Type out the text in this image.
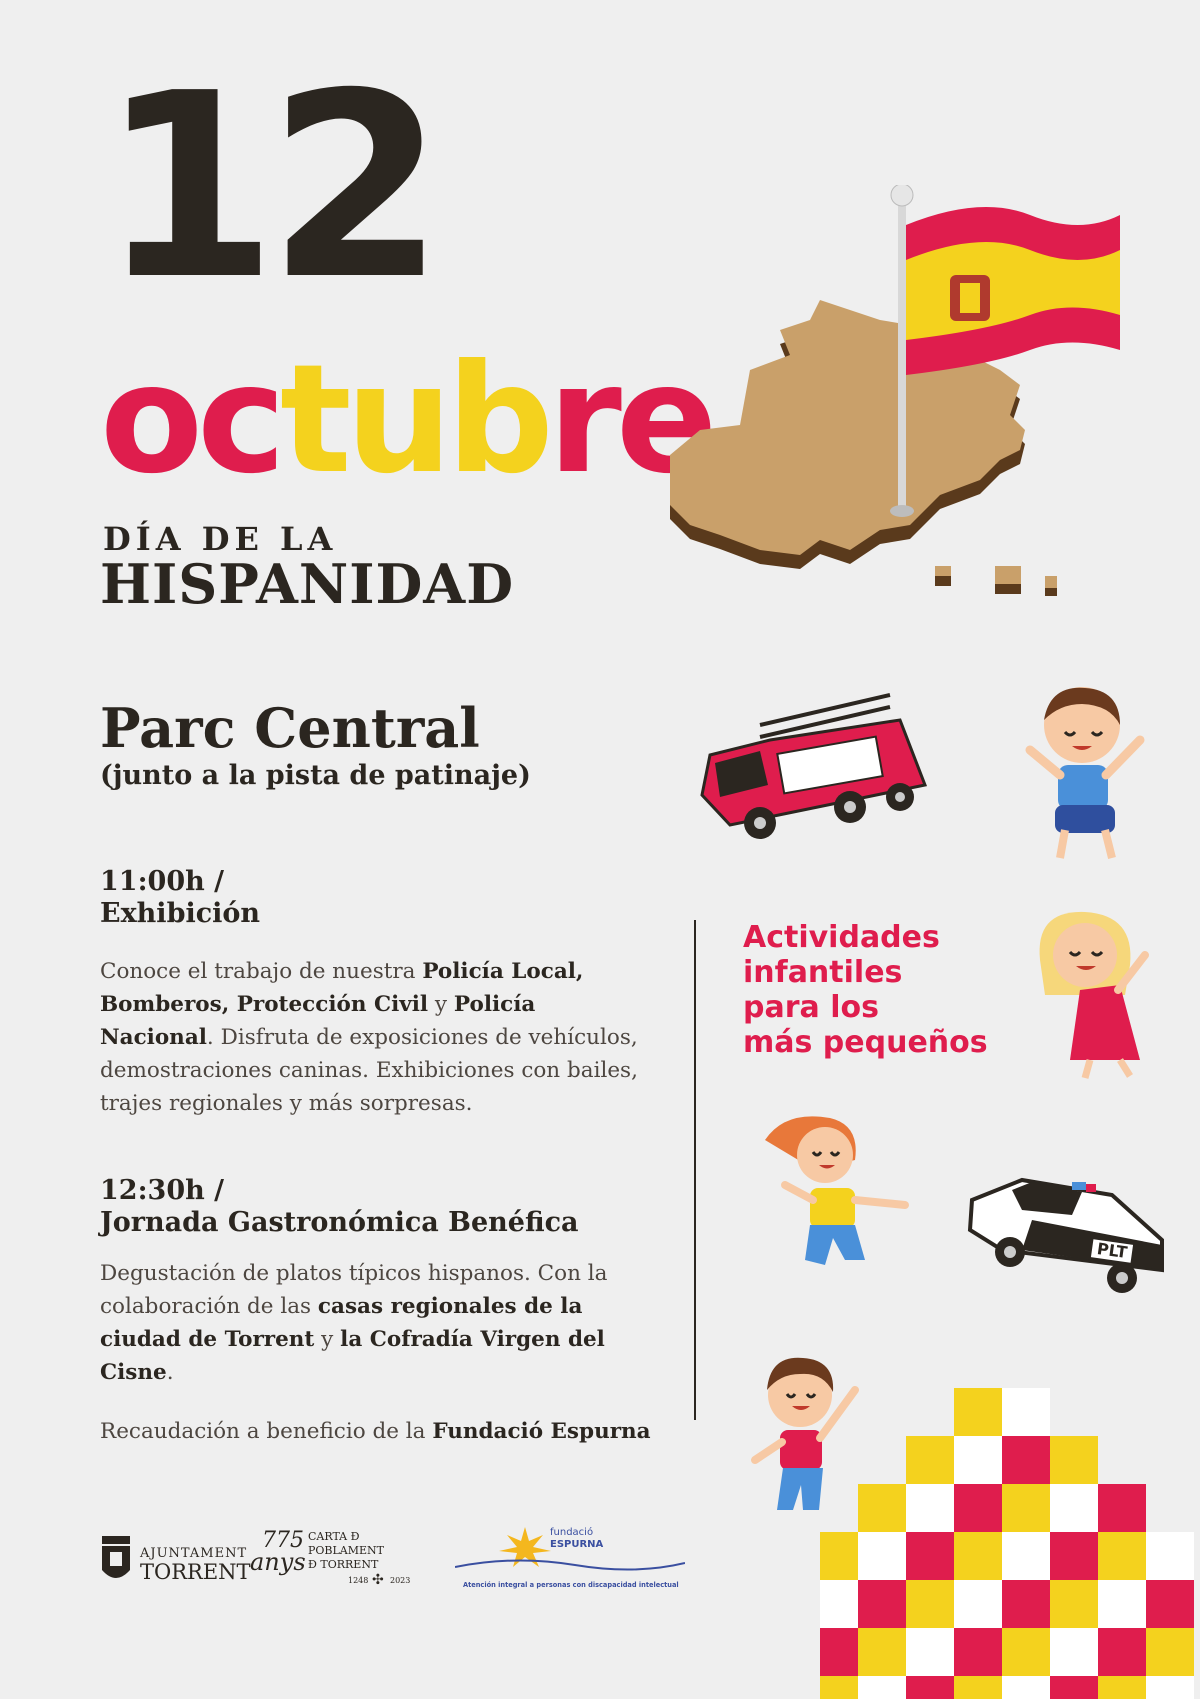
12
octubre
DÍA DE LA
HISPANIDAD
Parc Central
(junto a la pista de patinaje)
11:00h /
Exhibición
Conoce el trabajo de nuestra Policía Local, Bomberos, Protección Civil y Policía Nacional. Disfruta de exposiciones de vehículos, demostraciones caninas. Exhibiciones con bailes, trajes regionales y más sorpresas.
12:30h /
Jornada Gastronómica Benéfica
Degustación de platos típicos hispanos. Con la colaboración de las casas regionales de la ciudad de Torrent y la Cofradía Virgen del Cisne.
Recaudación a beneficio de la Fundació Espurna
Actividades
infantiles
para los
más pequeños
PLT
AJUNTAMENT
TORRENT
775
anys
CARTA Ð
POBLAMENT
Ð TORRENT
1248 ✣ 2023
fundació
ESPURNA
Atención integral a personas con discapacidad intelectual
